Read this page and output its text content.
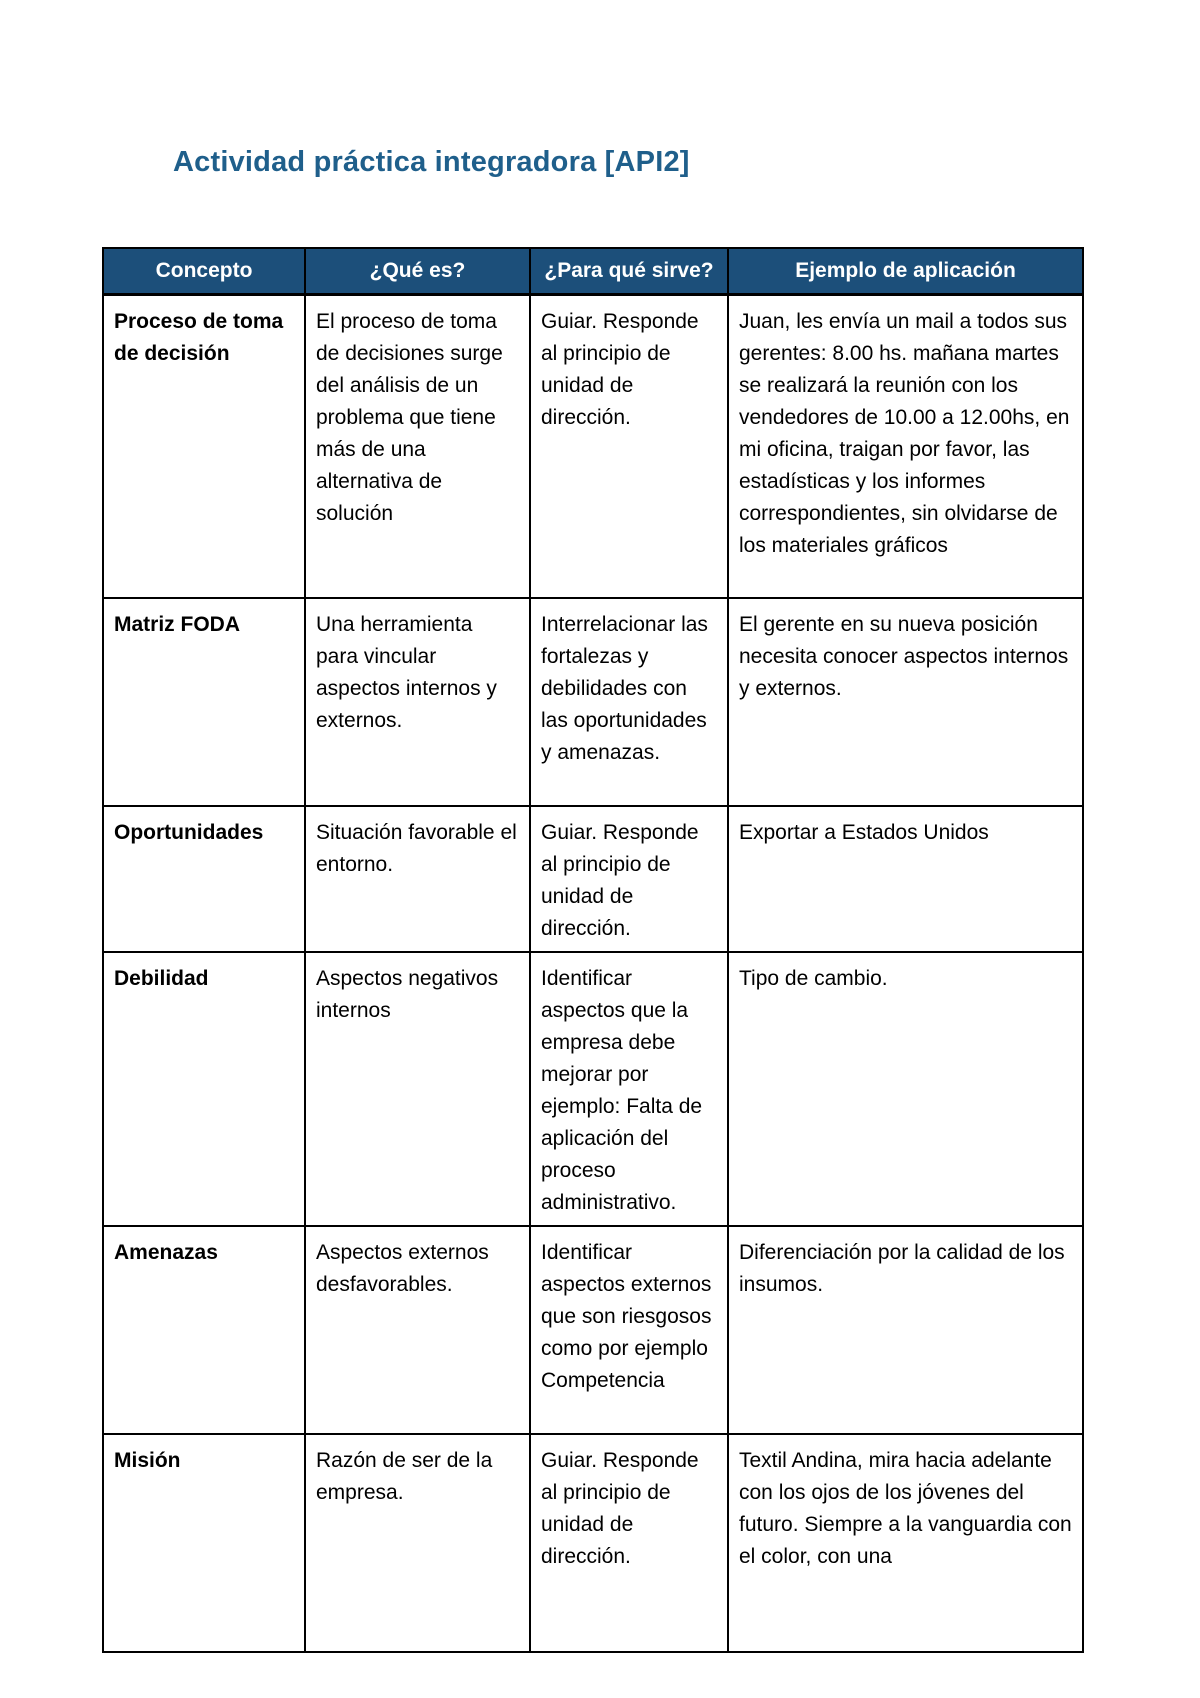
Actividad práctica integradora [API2]
Concepto	¿Qué es?	¿Para qué sirve?	Ejemplo de aplicación
Proceso de toma de decisión	El proceso de toma de decisiones surge del análisis de un problema que tiene más de una alternativa de solución	Guiar. Responde al principio de unidad de dirección.	Juan, les envía un mail a todos sus gerentes: 8.00 hs. mañana martes se realizará la reunión con los vendedores de 10.00 a 12.00hs, en mi oficina, traigan por favor, las estadísticas y los informes correspondientes, sin olvidarse de los materiales gráficos
Matriz FODA	Una herramienta para vincular aspectos internos y externos.	Interrelacionar las fortalezas y debilidades con las oportunidades y amenazas.	El gerente en su nueva posición necesita conocer aspectos internos y externos.
Oportunidades	Situación favorable el entorno.	Guiar. Responde al principio de unidad de dirección.	Exportar a Estados Unidos
Debilidad	Aspectos negativos internos	Identificar aspectos que la empresa debe mejorar por ejemplo: Falta de aplicación del proceso administrativo.	Tipo de cambio.
Amenazas	Aspectos externos desfavorables.	Identificar aspectos externos que son riesgosos como por ejemplo Competencia	Diferenciación por la calidad de los insumos.
Misión	Razón de ser de la empresa.	Guiar. Responde al principio de unidad de dirección.	Textil Andina, mira hacia adelante con los ojos de los jóvenes del futuro. Siempre a la vanguardia con el color, con una
